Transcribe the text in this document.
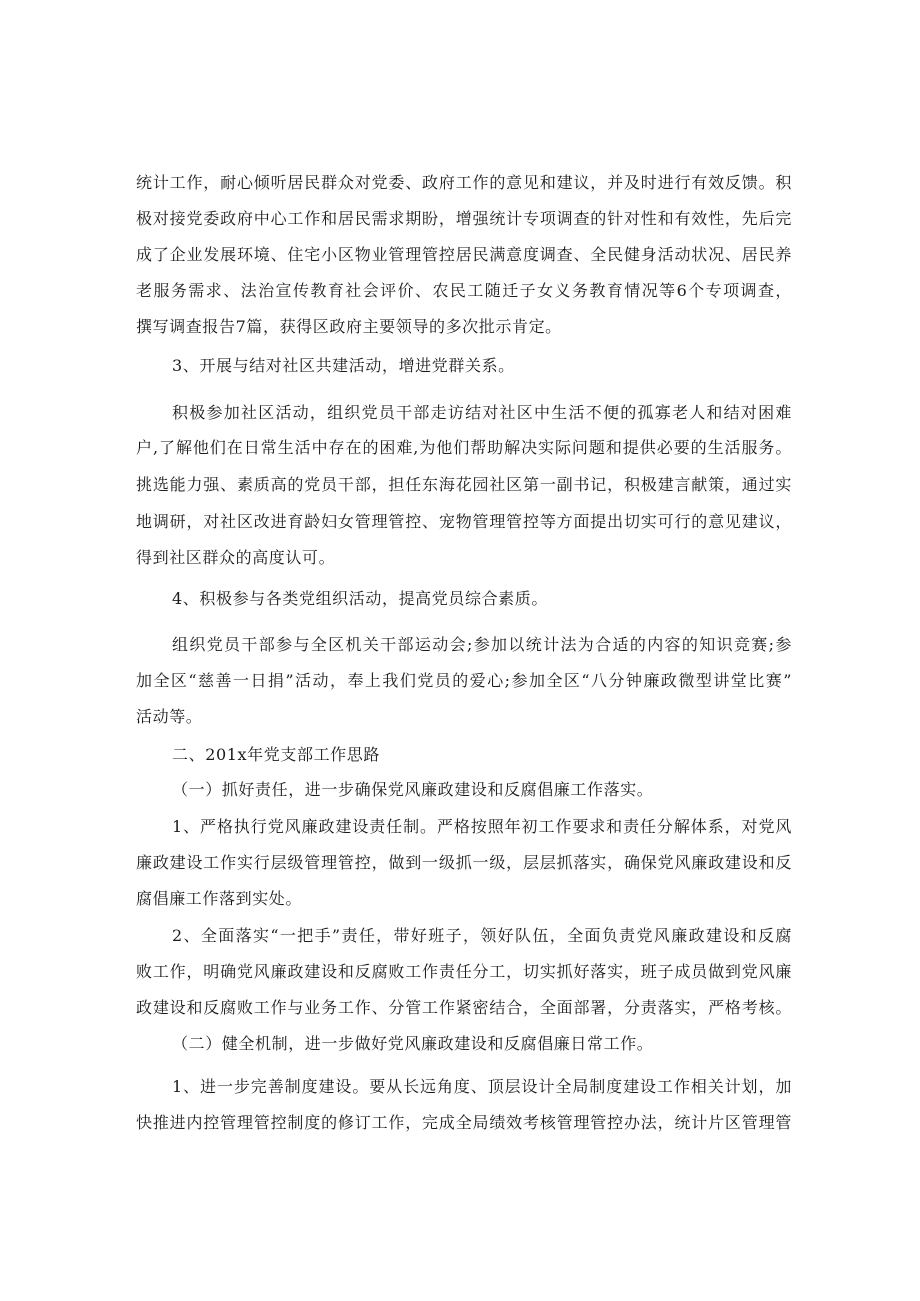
统计工作，耐心倾听居民群众对党委、政府工作的意见和建议，并及时进行有效反馈。积
极对接党委政府中心工作和居民需求期盼，增强统计专项调查的针对性和有效性，先后完
成了企业发展环境、住宅小区物业管理管控居民满意度调查、全民健身活动状况、居民养
老服务需求、法治宣传教育社会评价、农民工随迁子女义务教育情况等6个专项调查，
撰写调查报告7篇，获得区政府主要领导的多次批示肯定。
3、开展与结对社区共建活动，增进党群关系。
积极参加社区活动，组织党员干部走访结对社区中生活不便的孤寡老人和结对困难
户,了解他们在日常生活中存在的困难,为他们帮助解决实际问题和提供必要的生活服务。
挑选能力强、素质高的党员干部，担任东海花园社区第一副书记，积极建言献策，通过实
地调研，对社区改进育龄妇女管理管控、宠物管理管控等方面提出切实可行的意见建议，
得到社区群众的高度认可。
4、积极参与各类党组织活动，提高党员综合素质。
组织党员干部参与全区机关干部运动会;参加以统计法为合适的内容的知识竞赛;参
加全区“慈善一日捐”活动，奉上我们党员的爱心;参加全区“八分钟廉政微型讲堂比赛”
活动等。
二、201x年党支部工作思路
（一）抓好责任，进一步确保党风廉政建设和反腐倡廉工作落实。
1、严格执行党风廉政建设责任制。严格按照年初工作要求和责任分解体系，对党风
廉政建设工作实行层级管理管控，做到一级抓一级，层层抓落实，确保党风廉政建设和反
腐倡廉工作落到实处。
2、全面落实“一把手”责任，带好班子，领好队伍，全面负责党风廉政建设和反腐
败工作，明确党风廉政建设和反腐败工作责任分工，切实抓好落实，班子成员做到党风廉
政建设和反腐败工作与业务工作、分管工作紧密结合，全面部署，分责落实，严格考核。
（二）健全机制，进一步做好党风廉政建设和反腐倡廉日常工作。
1、进一步完善制度建设。要从长远角度、顶层设计全局制度建设工作相关计划，加
快推进内控管理管控制度的修订工作，完成全局绩效考核管理管控办法，统计片区管理管
